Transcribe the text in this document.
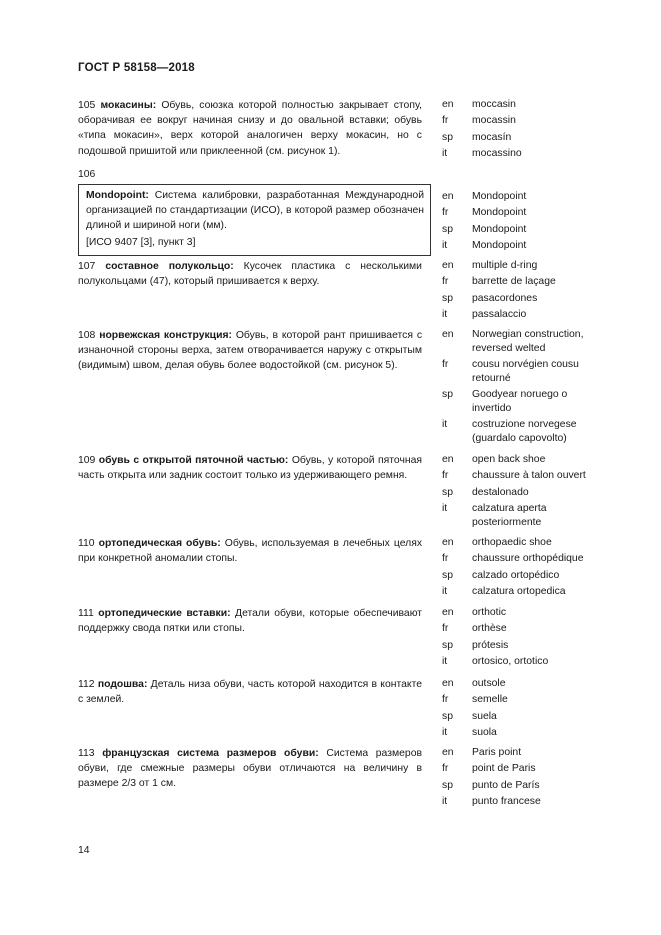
ГОСТ Р 58158—2018
105 мокасины: Обувь, союзка которой полностью закрывает стопу, оборачивая ее вокруг начиная снизу и до овальной вставки; обувь «типа мокасин», верх которой аналогичен верху мокасин, но с подошвой пришитой или приклеенной (см. рисунок 1).
en	moccasin
fr	mocassin
sp	mocasín
it	mocassino
106
Mondopoint: Система калибровки, разработанная Международной организацией по стандартизации (ИСО), в которой размер обозначен длиной и шириной ноги (мм).
[ИСО 9407 [3], пункт 3]
en	Mondopoint
fr	Mondopoint
sp	Mondopoint
it	Mondopoint
107 составное полукольцо: Кусочек пластика с несколькими полукольцами (47), который пришивается к верху.
en	multiple d-ring
fr	barrette de laçage
sp	pasacordones
it	passalaccio
108 норвежская конструкция: Обувь, в которой рант пришивается с изнаночной стороны верха, затем отворачивается наружу с открытым (видимым) швом, делая обувь более водостойкой (см. рисунок 5).
en	Norwegian construction, reversed welted
fr	cousu norvégien cousu retourné
sp	Goodyear noruego o invertido
it	costruzione norvegese (guardalo capovolto)
109 обувь с открытой пяточной частью: Обувь, у которой пяточная часть открыта или задник состоит только из удерживающего ремня.
en	open back shoe
fr	chaussure à talon ouvert
sp	destalonado
it	calzatura aperta posteriormente
110 ортопедическая обувь: Обувь, используемая в лечебных целях при конкретной аномалии стопы.
en	orthopaedic shoe
fr	chaussure orthopédique
sp	calzado ortopédico
it	calzatura ortopedica
111 ортопедические вставки: Детали обуви, которые обеспечивают поддержку свода пятки или стопы.
en	orthotic
fr	orthèse
sp	prótesis
it	ortosico, ortotico
112 подошва: Деталь низа обуви, часть которой находится в контакте с землей.
en	outsole
fr	semelle
sp	suela
it	suola
113 французская система размеров обуви: Система размеров обуви, где смежные размеры обуви отличаются на величину в размере 2/3 от 1 см.
en	Paris point
fr	point de Paris
sp	punto de París
it	punto francese
14
